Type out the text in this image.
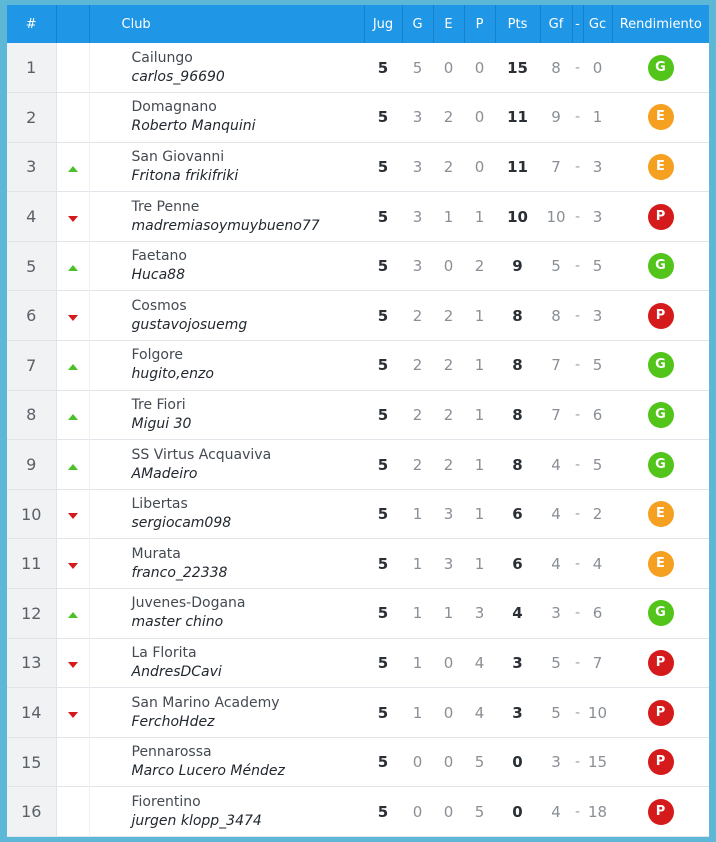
#		Club	Jug	G	E	P	Pts	Gf	-	Gc	Rendimiento
1		Cailungo
carlos_96690	5	5	0	0	15	8	-	0	G
2		Domagnano
Roberto Manquini	5	3	2	0	11	9	-	1	E
3		San Giovanni
Fritona frikifriki	5	3	2	0	11	7	-	3	E
4		Tre Penne
madremiasoymuybueno77	5	3	1	1	10	10	-	3	P
5		Faetano
Huca88	5	3	0	2	9	5	-	5	G
6		Cosmos
gustavojosuemg	5	2	2	1	8	8	-	3	P
7		Folgore
hugito,enzo	5	2	2	1	8	7	-	5	G
8		Tre Fiori
Migui 30	5	2	2	1	8	7	-	6	G
9		SS Virtus Acquaviva
AMadeiro	5	2	2	1	8	4	-	5	G
10		Libertas
sergiocam098	5	1	3	1	6	4	-	2	E
11		Murata
franco_22338	5	1	3	1	6	4	-	4	E
12		Juvenes-Dogana
master chino	5	1	1	3	4	3	-	6	G
13		La Florita
AndresDCavi	5	1	0	4	3	5	-	7	P
14		San Marino Academy
FerchoHdez	5	1	0	4	3	5	-	10	P
15		Pennarossa
Marco Lucero Méndez	5	0	0	5	0	3	-	15	P
16		Fiorentino
jurgen klopp_3474	5	0	0	5	0	4	-	18	P
